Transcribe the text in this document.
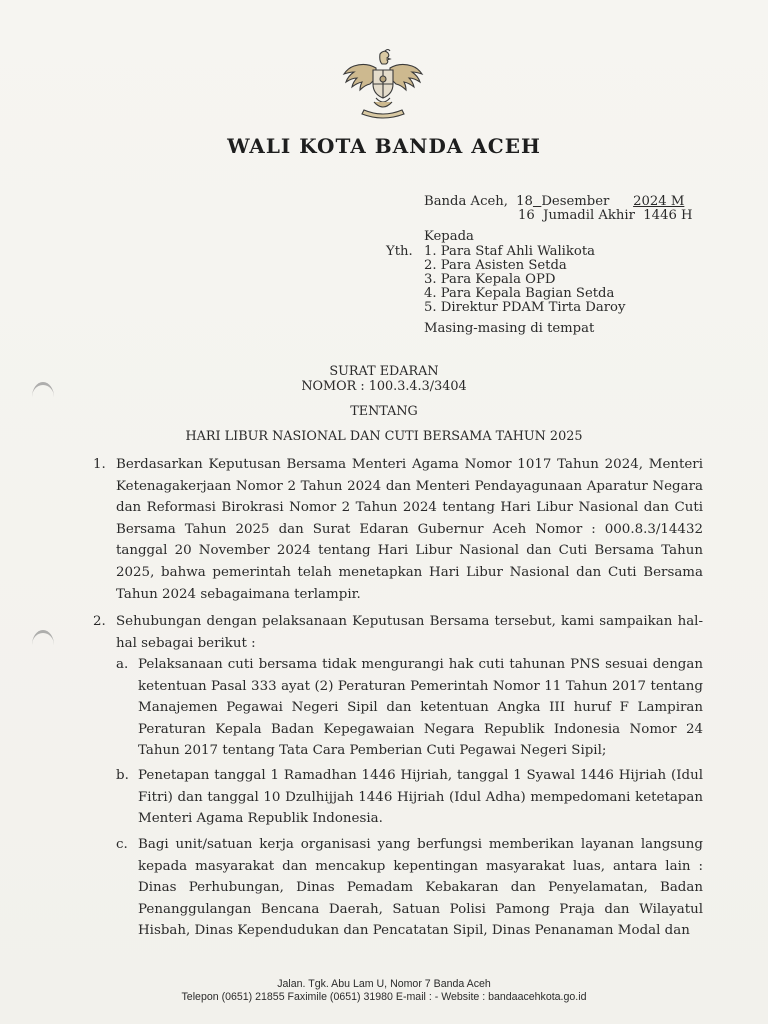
WALI KOTA BANDA ACEH
Banda Aceh, 18 Desember 2024 M
16  Jumadil Akhir  1446 H
Kepada
Yth. 1. Para Staf Ahli Walikota
2. Para Asisten Setda
3. Para Kepala OPD
4. Para Kepala Bagian Setda
5. Direktur PDAM Tirta Daroy
Masing-masing di tempat
SURAT EDARAN
NOMOR : 100.3.4.3/3404
TENTANG
HARI LIBUR NASIONAL DAN CUTI BERSAMA TAHUN 2025
1. Berdasarkan Keputusan Bersama Menteri Agama Nomor 1017 Tahun 2024, Menteri Ketenagakerjaan Nomor 2 Tahun 2024 dan Menteri Pendayagunaan Aparatur Negara dan Reformasi Birokrasi Nomor 2 Tahun 2024 tentang Hari Libur Nasional dan Cuti Bersama Tahun 2025 dan Surat Edaran Gubernur Aceh Nomor : 000.8.3/14432 tanggal 20 November 2024 tentang Hari Libur Nasional dan Cuti Bersama Tahun 2025, bahwa pemerintah telah menetapkan Hari Libur Nasional dan Cuti Bersama Tahun 2024 sebagaimana terlampir.
2. Sehubungan dengan pelaksanaan Keputusan Bersama tersebut, kami sampaikan hal-hal sebagai berikut :
a. Pelaksanaan cuti bersama tidak mengurangi hak cuti tahunan PNS sesuai dengan ketentuan Pasal 333 ayat (2) Peraturan Pemerintah Nomor 11 Tahun 2017 tentang Manajemen Pegawai Negeri Sipil dan ketentuan Angka III huruf F Lampiran Peraturan Kepala Badan Kepegawaian Negara Republik Indonesia Nomor 24 Tahun 2017 tentang Tata Cara Pemberian Cuti Pegawai Negeri Sipil;
b. Penetapan tanggal 1 Ramadhan 1446 Hijriah, tanggal 1 Syawal 1446 Hijriah (Idul Fitri) dan tanggal 10 Dzulhijjah 1446 Hijriah (Idul Adha) mempedomani ketetapan Menteri Agama Republik Indonesia.
c. Bagi unit/satuan kerja organisasi yang berfungsi memberikan layanan langsung kepada masyarakat dan mencakup kepentingan masyarakat luas, antara lain : Dinas Perhubungan, Dinas Pemadam Kebakaran dan Penyelamatan, Badan Penanggulangan Bencana Daerah, Satuan Polisi Pamong Praja dan Wilayatul Hisbah, Dinas Kependudukan dan Pencatatan Sipil, Dinas Penanaman Modal dan
Jalan. Tgk. Abu Lam U, Nomor 7 Banda Aceh
Telepon (0651) 21855 Faximile (0651) 31980 E-mail : - Website : bandaacehkota.go.id
